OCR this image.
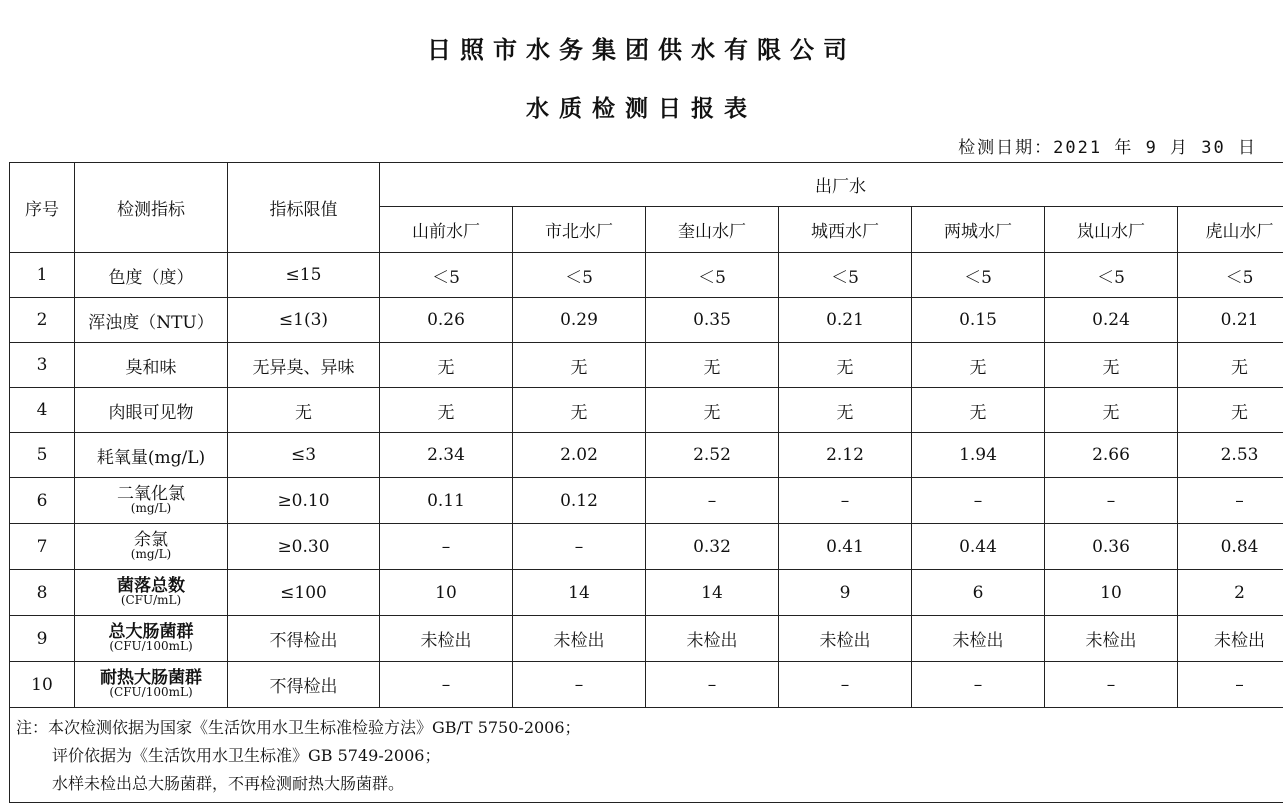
日照市水务集团供水有限公司
水质检测日报表
检测日期：2021 年 9 月 30 日
序号	检测指标	指标限值	出厂水						
			山前水厂	市北水厂	奎山水厂	城西水厂	两城水厂	岚山水厂	虎山水厂
1	色度（度）	≤15	＜5	＜5	＜5	＜5	＜5	＜5	＜5
2	浑浊度（NTU）	≤1(3)	0.26	0.29	0.35	0.21	0.15	0.24	0.21
3	臭和味	无异臭、异味	无	无	无	无	无	无	无
4	肉眼可见物	无	无	无	无	无	无	无	无
5	耗氧量(mg/L)	≤3	2.34	2.02	2.52	2.12	1.94	2.66	2.53
6	二氧化氯
(mg/L)	≥0.10	0.11	0.12	–	–	–	–	–
7	余氯
(mg/L)	≥0.30	–	–	0.32	0.41	0.44	0.36	0.84
8	菌落总数
(CFU/mL)	≤100	10	14	14	9	6	10	2
9	总大肠菌群
(CFU/100mL)	不得检出	未检出	未检出	未检出	未检出	未检出	未检出	未检出
10	耐热大肠菌群
(CFU/100mL)	不得检出	–	–	–	–	–	–	–

注：本次检测依据为国家《生活饮用水卫生标准检验方法》GB/T 5750-2006；
评价依据为《生活饮用水卫生标准》GB 5749-2006；
水样未检出总大肠菌群，不再检测耐热大肠菌群。									
